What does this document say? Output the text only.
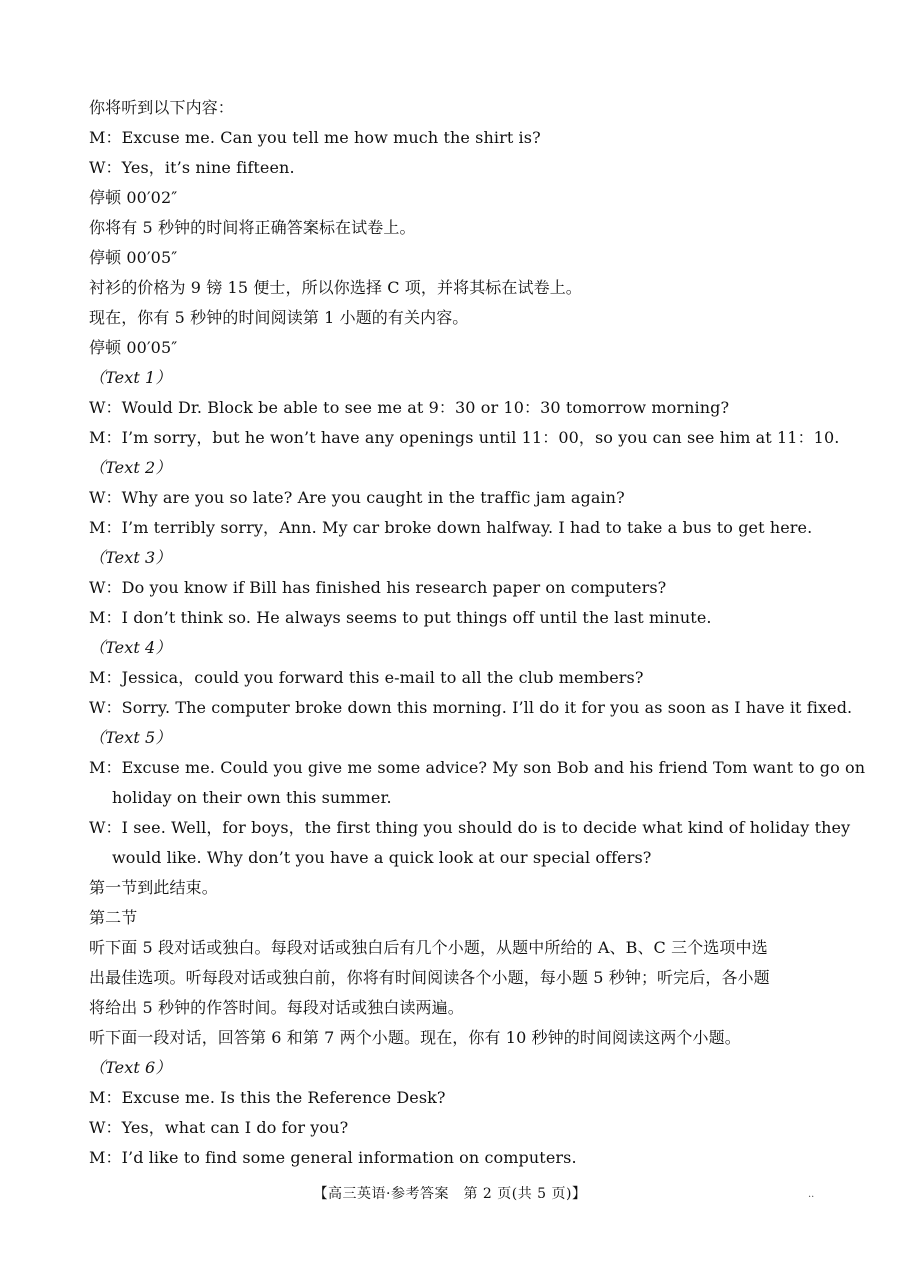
你将听到以下内容：
M：Excuse me. Can you tell me how much the shirt is?
W：Yes，it’s nine fifteen.
停顿 00′02″
你将有 5 秒钟的时间将正确答案标在试卷上。
停顿 00′05″
衬衫的价格为 9 镑 15 便士，所以你选择 C 项，并将其标在试卷上。
现在，你有 5 秒钟的时间阅读第 1 小题的有关内容。
停顿 00′05″
（Text 1）
W：Would Dr. Block be able to see me at 9：30 or 10：30 tomorrow morning?
M：I’m sorry，but he won’t have any openings until 11：00，so you can see him at 11：10.
（Text 2）
W：Why are you so late? Are you caught in the traffic jam again?
M：I’m terribly sorry，Ann. My car broke down halfway. I had to take a bus to get here.
（Text 3）
W：Do you know if Bill has finished his research paper on computers?
M：I don’t think so. He always seems to put things off until the last minute.
（Text 4）
M：Jessica，could you forward this e-mail to all the club members?
W：Sorry. The computer broke down this morning. I’ll do it for you as soon as I have it fixed.
（Text 5）
M：Excuse me. Could you give me some advice? My son Bob and his friend Tom want to go on
holiday on their own this summer.
W：I see. Well，for boys，the first thing you should do is to decide what kind of holiday they
would like. Why don’t you have a quick look at our special offers?
第一节到此结束。
第二节
听下面 5 段对话或独白。每段对话或独白后有几个小题，从题中所给的 A、B、C 三个选项中选
出最佳选项。听每段对话或独白前，你将有时间阅读各个小题，每小题 5 秒钟；听完后，各小题
将给出 5 秒钟的作答时间。每段对话或独白读两遍。
听下面一段对话，回答第 6 和第 7 两个小题。现在，你有 10 秒钟的时间阅读这两个小题。
（Text 6）
M：Excuse me. Is this the Reference Desk?
W：Yes，what can I do for you?
M：I’d like to find some general information on computers.
【高三英语·参考答案　第 2 页(共 5 页)】	··
